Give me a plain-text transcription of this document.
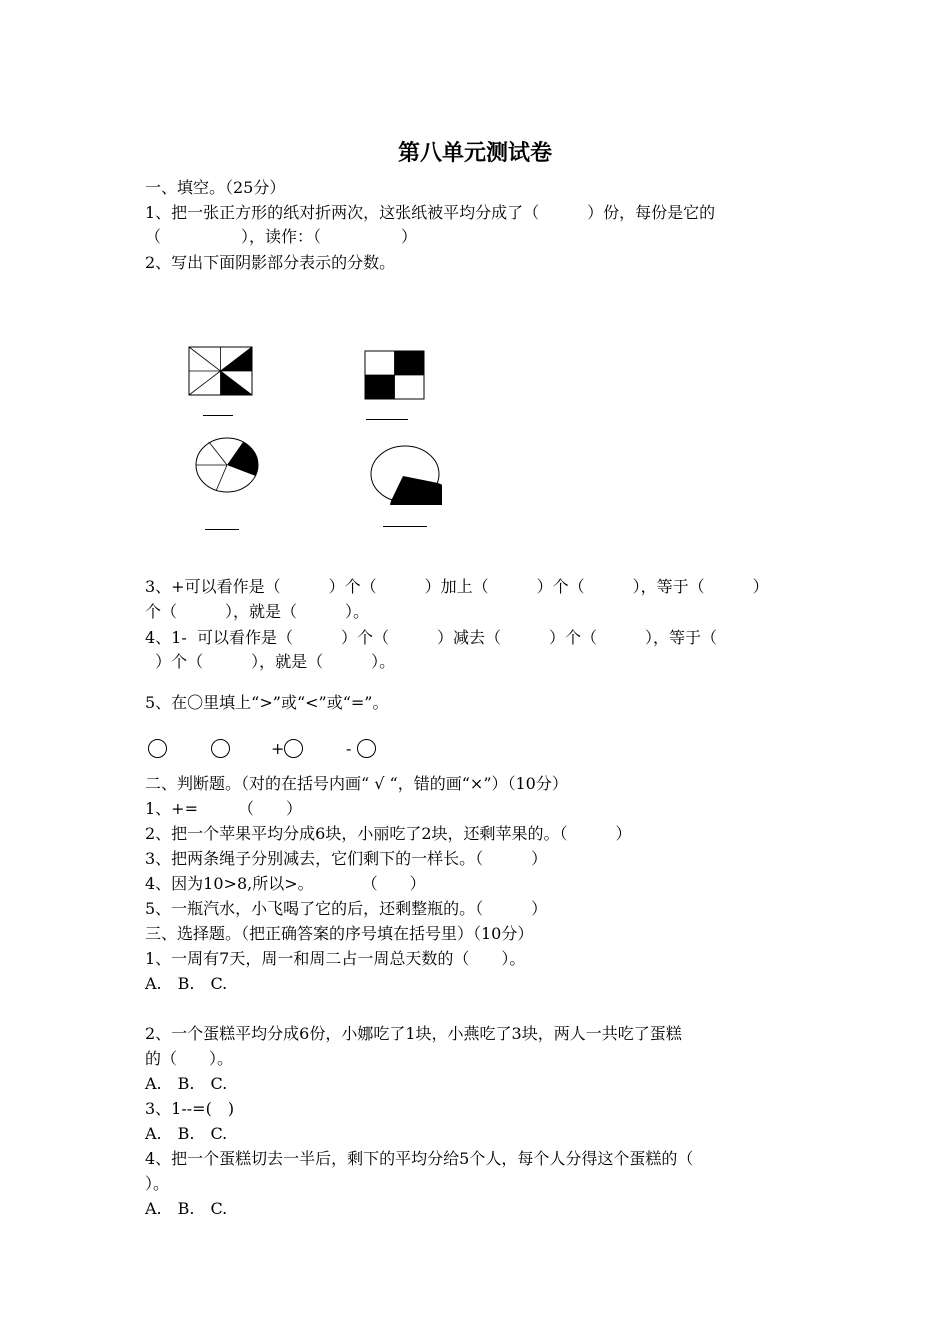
第八单元测试卷
一、填空。（25分）
1、把一张正方形的纸对折两次，这张纸被平均分成了（　　　）份，每份是它的
（　　　　　），读作：（　　　　　）
2、写出下面阴影部分表示的分数。
3、+可以看作是（　　　）个（　　　）加上（　　　）个（　　　），等于（　　　）
个（　　　），就是（　　　）。
4、1-  可以看作是（　　　）个（　　　）减去（　　　）个（　　　），等于（
）个（　　　），就是（　　　）。
5、在〇里填上“>”或“<”或“=”。
+	-
二、判断题。（对的在括号内画“ √ “，错的画“×”）（10分）
1、+=　　　（　　）
2、把一个苹果平均分成6块，小丽吃了2块，还剩苹果的。（　　　）
3、把两条绳子分别减去，它们剩下的一样长。（　　　）
4、因为10>8,所以>。　　　　（　　）
5、一瓶汽水，小飞喝了它的后，还剩整瓶的。（　　　）
三、选择题。（把正确答案的序号填在括号里）（10分）
1、一周有7天，周一和周二占一周总天数的（　　）。
A.　B.　C.
2、一个蛋糕平均分成6份，小娜吃了1块，小燕吃了3块，两人一共吃了蛋糕
的（　　）。
A.　B.　C.
3、1--=(　)
A.　B.　C.
4、把一个蛋糕切去一半后，剩下的平均分给5个人，每个人分得这个蛋糕的（
）。
A.　B.　C.
